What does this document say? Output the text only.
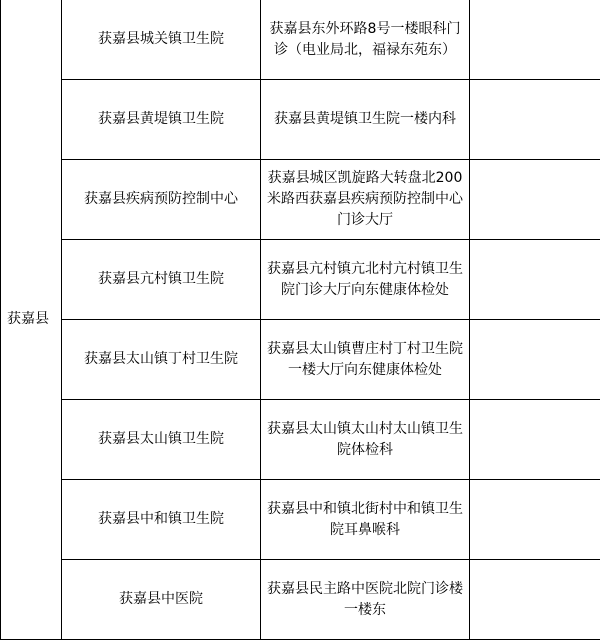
获嘉县	获嘉县城关镇卫生院	获嘉县东外环路8号一楼眼科门诊（电业局北，福禄东苑东）	
	获嘉县黄堤镇卫生院	获嘉县黄堤镇卫生院一楼内科	
	获嘉县疾病预防控制中心	获嘉县城区凯旋路大转盘北200米路西获嘉县疾病预防控制中心门诊大厅	
	获嘉县亢村镇卫生院	获嘉县亢村镇亢北村亢村镇卫生院门诊大厅向东健康体检处	
	获嘉县太山镇丁村卫生院	获嘉县太山镇曹庄村丁村卫生院一楼大厅向东健康体检处	
	获嘉县太山镇卫生院	获嘉县太山镇太山村太山镇卫生院体检科	
	获嘉县中和镇卫生院	获嘉县中和镇北街村中和镇卫生院耳鼻喉科	
	获嘉县中医院	获嘉县民主路中医院北院门诊楼一楼东	
